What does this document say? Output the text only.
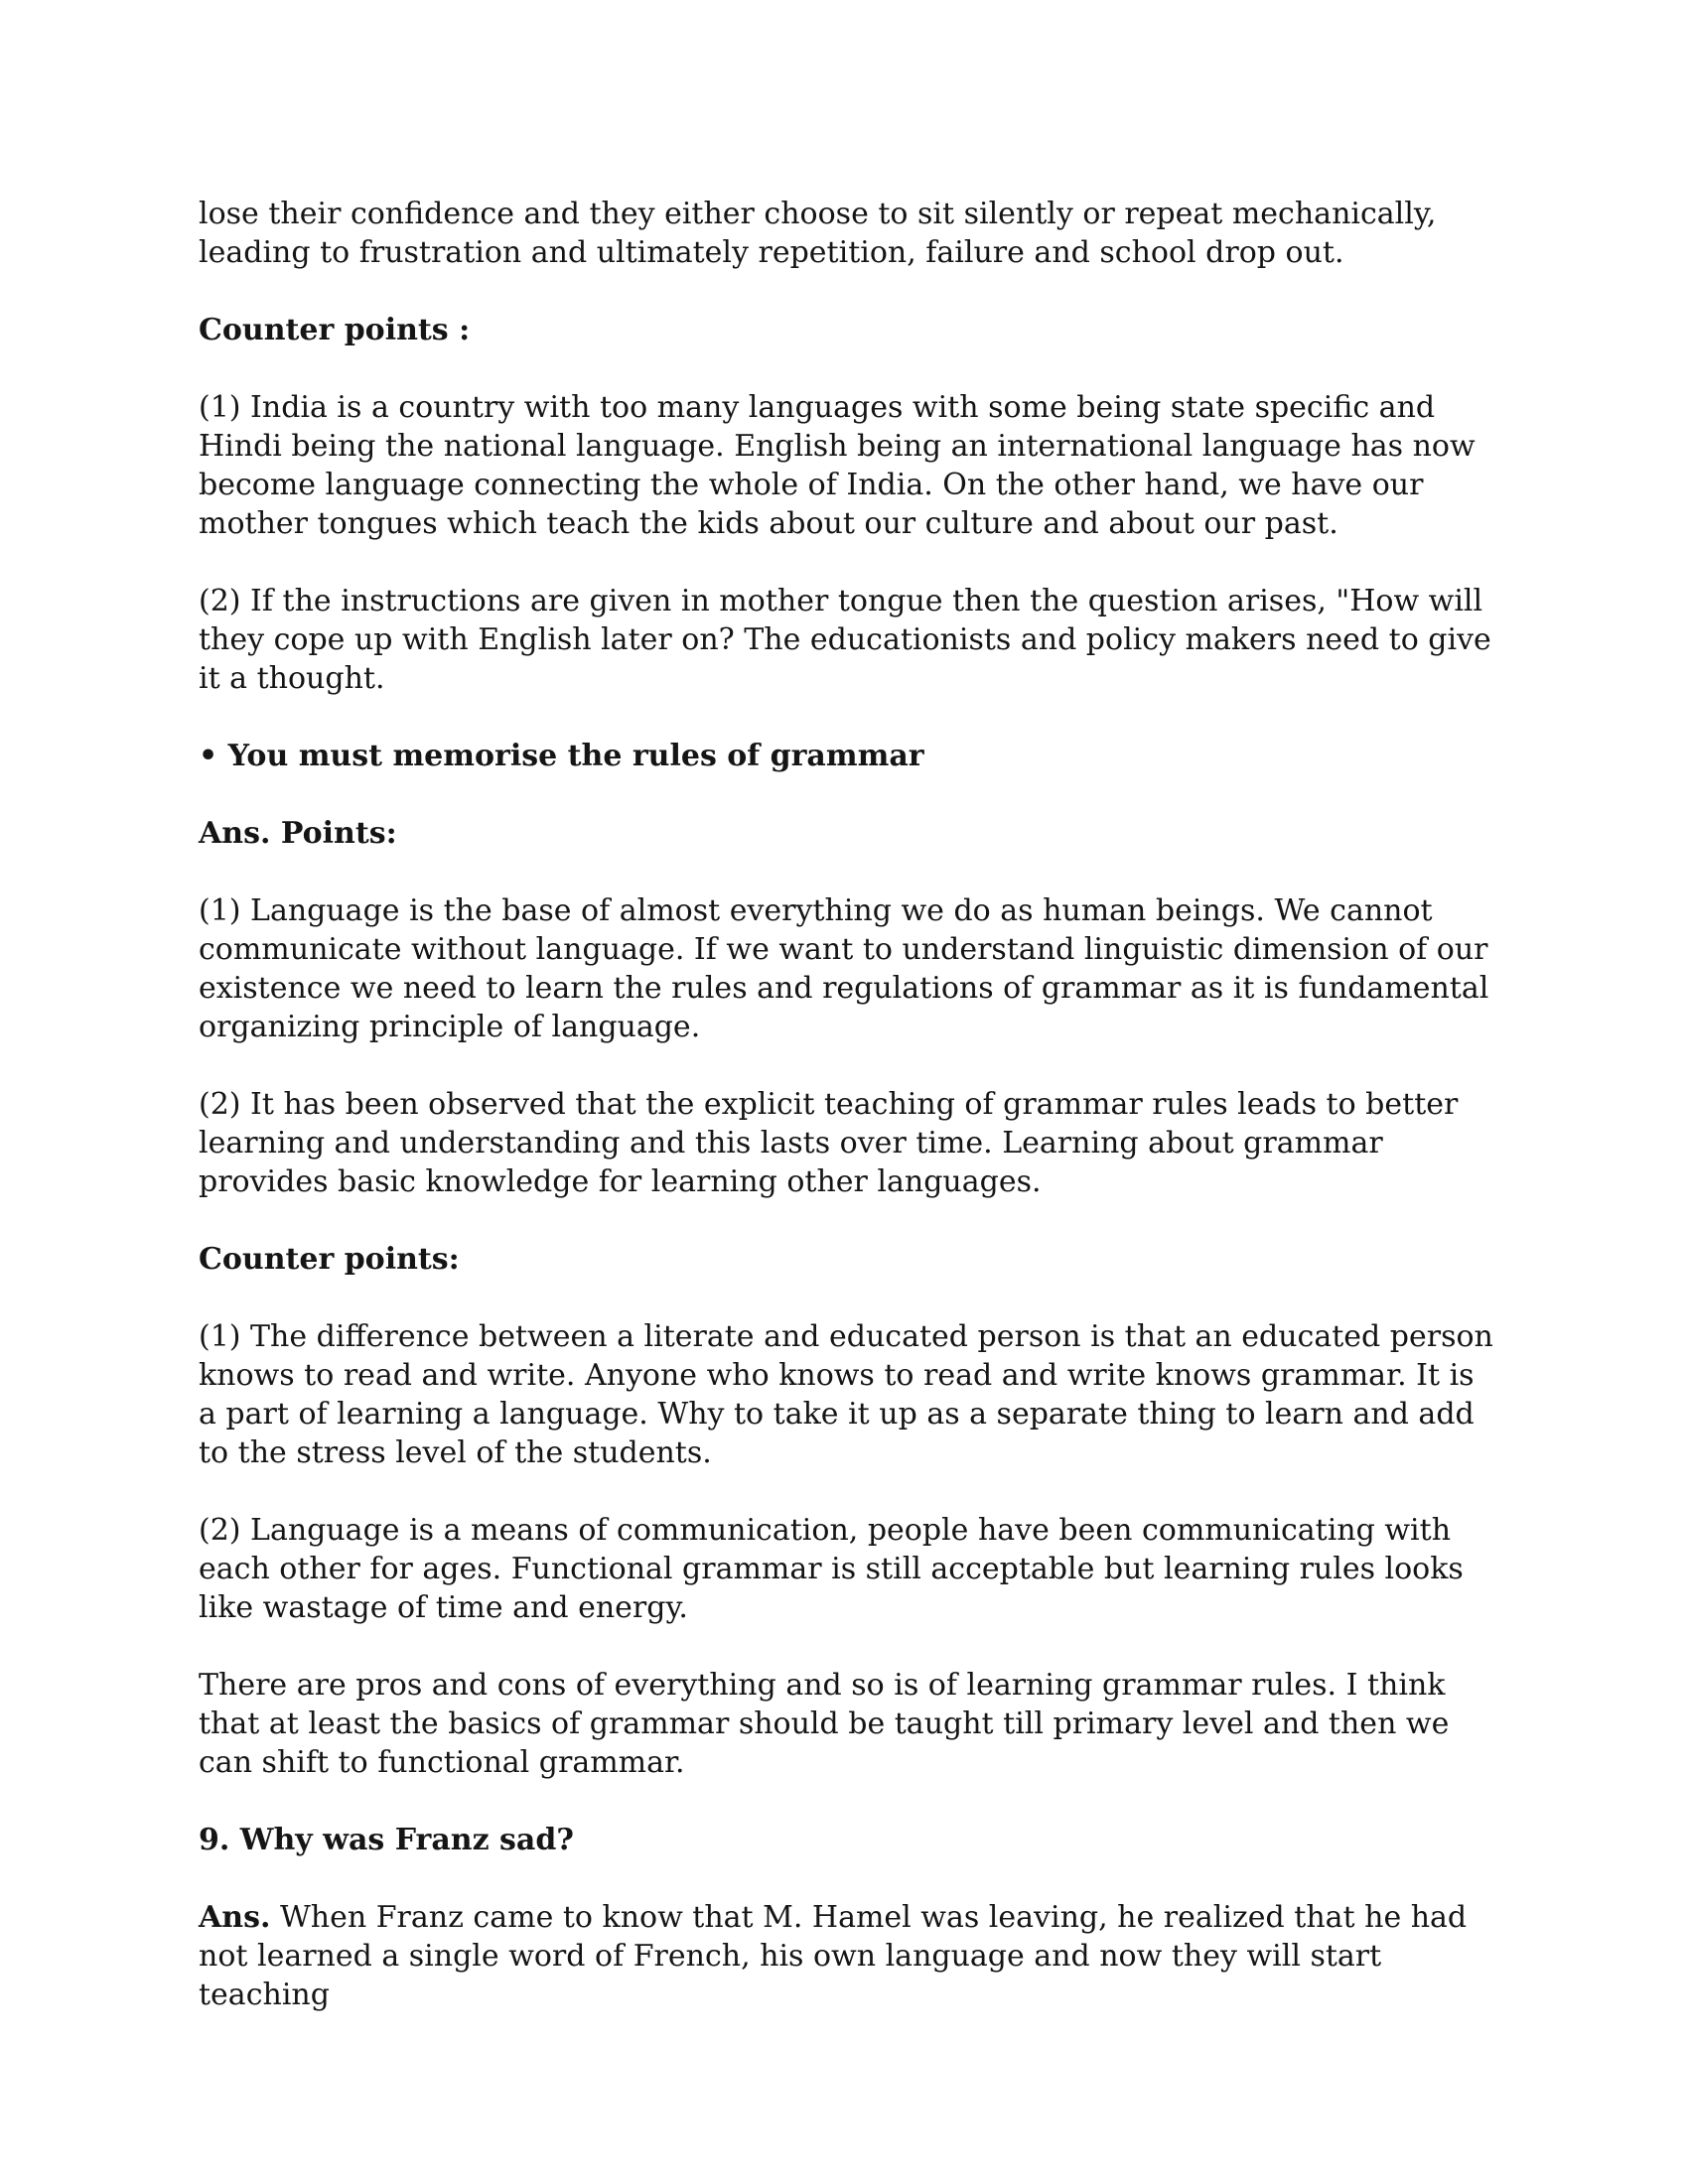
lose their confidence and they either choose to sit silently or repeat mechanically, leading to frustration and ultimately repetition, failure and school drop out.

Counter points :

(1) India is a country with too many languages with some being state specific and Hindi being the national language. English being an international language has now become language connecting the whole of India. On the other hand, we have our mother tongues which teach the kids about our culture and about our past.

(2) If the instructions are given in mother tongue then the question arises, "How will they cope up with English later on? The educationists and policy makers need to give it a thought.

• You must memorise the rules of grammar

Ans. Points:

(1) Language is the base of almost everything we do as human beings. We cannot communicate without language. If we want to understand linguistic dimension of our existence we need to learn the rules and regulations of grammar as it is fundamental organizing principle of language.

(2) It has been observed that the explicit teaching of grammar rules leads to better learning and understanding and this lasts over time. Learning about grammar provides basic knowledge for learning other languages.

Counter points:

(1) The difference between a literate and educated person is that an educated person knows to read and write. Anyone who knows to read and write knows grammar. It is a part of learning a language. Why to take it up as a separate thing to learn and add to the stress level of the students.

(2) Language is a means of communication, people have been communicating with each other for ages. Functional grammar is still acceptable but learning rules looks like wastage of time and energy.

There are pros and cons of everything and so is of learning grammar rules. I think that at least the basics of grammar should be taught till primary level and then we can shift to functional grammar.

9. Why was Franz sad?

Ans. When Franz came to know that M. Hamel was leaving, he realized that he had not learned a single word of French, his own language and now they will start teaching
